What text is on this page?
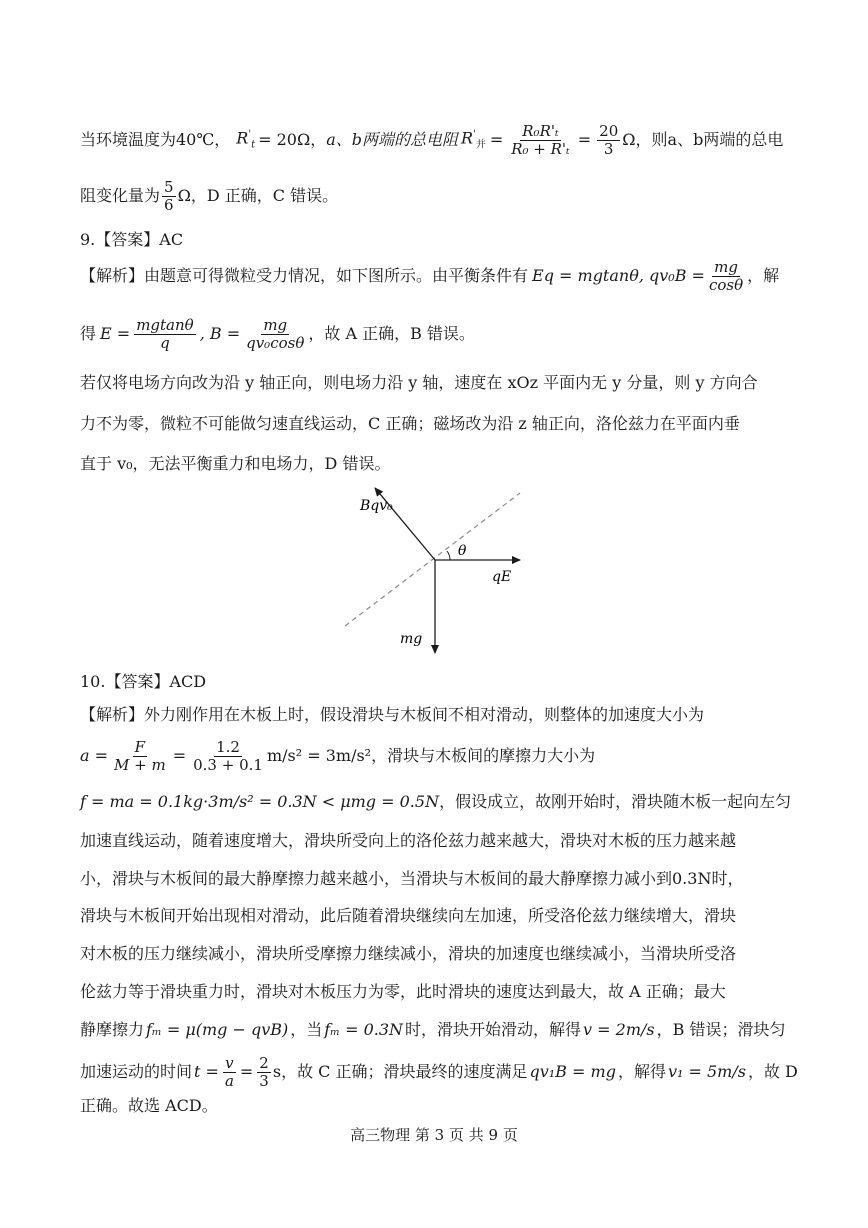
当环境温度为40℃， $R'_t = 20\Omega$， a、b两端的总电阻 $R'_并 = \frac{\text{R₀R'ₜ}}{\text{R₀ + R'ₜ}} = \frac{20}{3}$ Ω，则 a、b两端的总电
阻变化量为 $\frac{5}{6}$ Ω，D 正确，C 错误。
9.【答案】AC
【解析】由题意可得微粒受力情况，如下图所示。由平衡条件有 Eq = mgtanθ, $qv_0B = \frac{mg}{\cos\theta}$ ，解
得 $E = \frac{mgtan\theta}{q}$ , $B = \frac{mg}{\text{qv₀cosθ}}$ ，故 A 正确，B 错误。
若仅将电场方向改为沿 y 轴正向，则电场力沿 y 轴，速度在 xOz 平面内无 y 分量，则 y 方向合
力不为零，微粒不可能做匀速直线运动，C 正确；磁场改为沿 z 轴正向，洛伦兹力在平面内垂
直于 v₀，无法平衡重力和电场力，D 错误。
Bqv₀
θ
qE
mg
10.【答案】ACD
【解析】外力刚作用在木板上时，假设滑块与木板间不相对滑动，则整体的加速度大小为
$a = \frac{F}{M + m} = \frac{1.2}{0.3 + 0.1} m/s^2 = 3m/s^2$，滑块与木板间的摩擦力大小为
f = ma = 0.1kg·3m/s² = 0.3N < μmg = 0.5N ，假设成立，故刚开始时，滑块随木板一起向左匀
加速直线运动，随着速度增大，滑块所受向上的洛伦兹力越来越大，滑块对木板的压力越来越
小，滑块与木板间的最大静摩擦力越来越小，当滑块与木板间的最大静摩擦力减小到0.3N时，
滑块与木板间开始出现相对滑动，此后随着滑块继续向左加速，所受洛伦兹力继续增大，滑块
对木板的压力继续减小，滑块所受摩擦力继续减小，滑块的加速度也继续减小，当滑块所受洛
伦兹力等于滑块重力时，滑块对木板压力为零，此时滑块的速度达到最大，故 A 正确；最大
静摩擦力 fₘ = μ(mg − qvB) ，当 fₘ = 0.3N 时，滑块开始滑动，解得 v = 2m/s ，B 错误；滑块匀
加速运动的时间 $t = \frac{v}{a} = \frac{2}{3}$ s ，故 C 正确；滑块最终的速度满足 qv₁B = mg ，解得 v₁ = 5m/s ，故 D
正确。故选 ACD。
高三物理 第 3 页 共 9 页
